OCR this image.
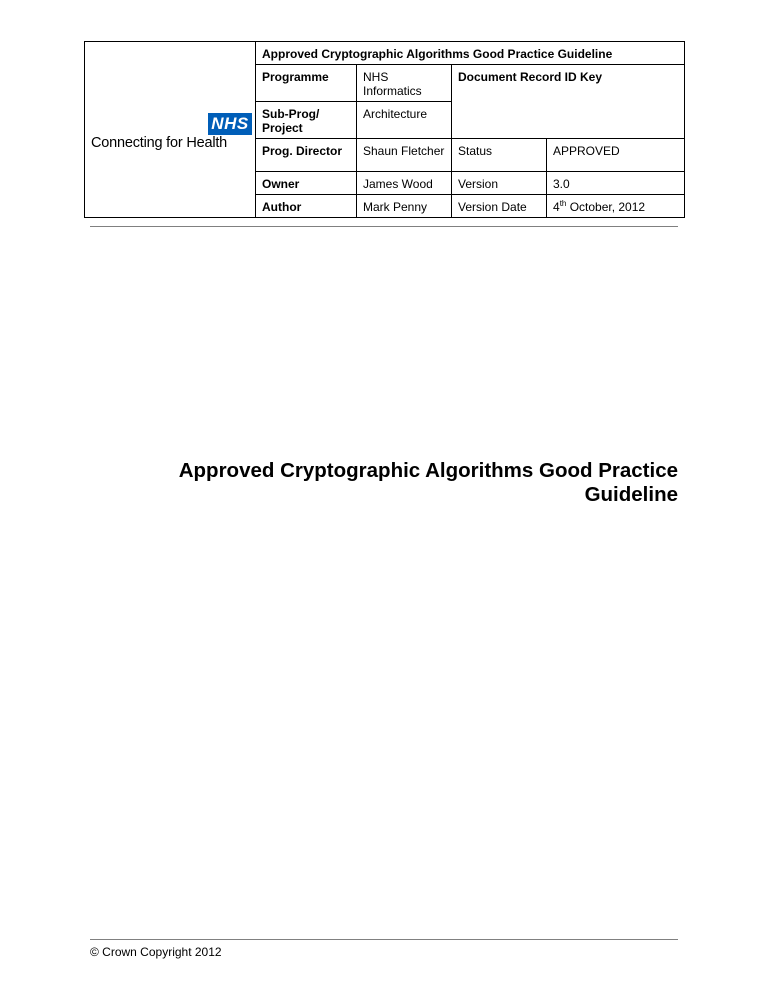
NHS
Connecting for Health	Approved Cryptographic Algorithms Good Practice Guideline			
	Programme	NHS Informatics	Document Record ID Key	
	Sub-Prog/ Project	Architecture		
	Prog. Director	Shaun Fletcher	Status	APPROVED
	Owner	James Wood	Version	3.0
	Author	Mark Penny	Version Date	4th October, 2012
Approved Cryptographic Algorithms Good Practice
Guideline
© Crown Copyright 2012
